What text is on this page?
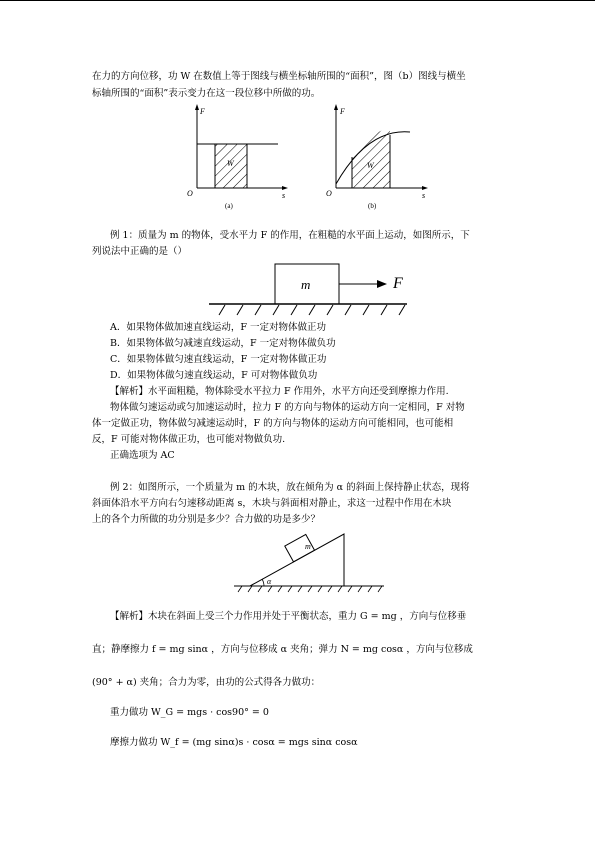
在力的方向位移，功 W 在数值上等于图线与横坐标轴所围的“面积”，图（b）图线与横坐
标轴所围的“面积”表示变力在这一段位移中所做的功。
F
O	s
W
(a)
F
O	s
W
(b)
例 1：质量为 m 的物体，受水平力 F 的作用，在粗糙的水平面上运动，如图所示，下
列说法中正确的是（）
m	F
A．如果物体做加速直线运动，F 一定对物体做正功
B．如果物体做匀减速直线运动，F 一定对物体做负功
C．如果物体做匀速直线运动，F 一定对物体做正功
D．如果物体做匀速直线运动，F 可对物体做负功
【解析】水平面粗糙，物体除受水平拉力 F 作用外，水平方向还受到摩擦力作用.
物体做匀速运动或匀加速运动时，拉力 F 的方向与物体的运动方向一定相同，F 对物
体一定做正功，物体做匀减速运动时，F 的方向与物体的运动方向可能相同，也可能相
反，F 可能对物体做正功，也可能对物做负功.
正确选项为 AC
例 2：如图所示，一个质量为 m 的木块，放在倾角为 α 的斜面上保持静止状态，现将
斜面体沿水平方向右匀速移动距离 s，木块与斜面相对静止，求这一过程中作用在木块
上的各个力所做的功分别是多少？合力做的功是多少？
m
α
【解析】木块在斜面上受三个力作用并处于平衡状态，重力 G = mg ，方向与位移垂
直；静摩擦力 f = mg sinα ，方向与位移成 α 夹角；弹力 N = mg cosα ，方向与位移成
(90° + α) 夹角；合力为零，由功的公式得各力做功：
重力做功 W_G = mgs · cos90° = 0
摩擦力做功 W_f = (mg sinα)s · cosα = mgs sinα cosα
